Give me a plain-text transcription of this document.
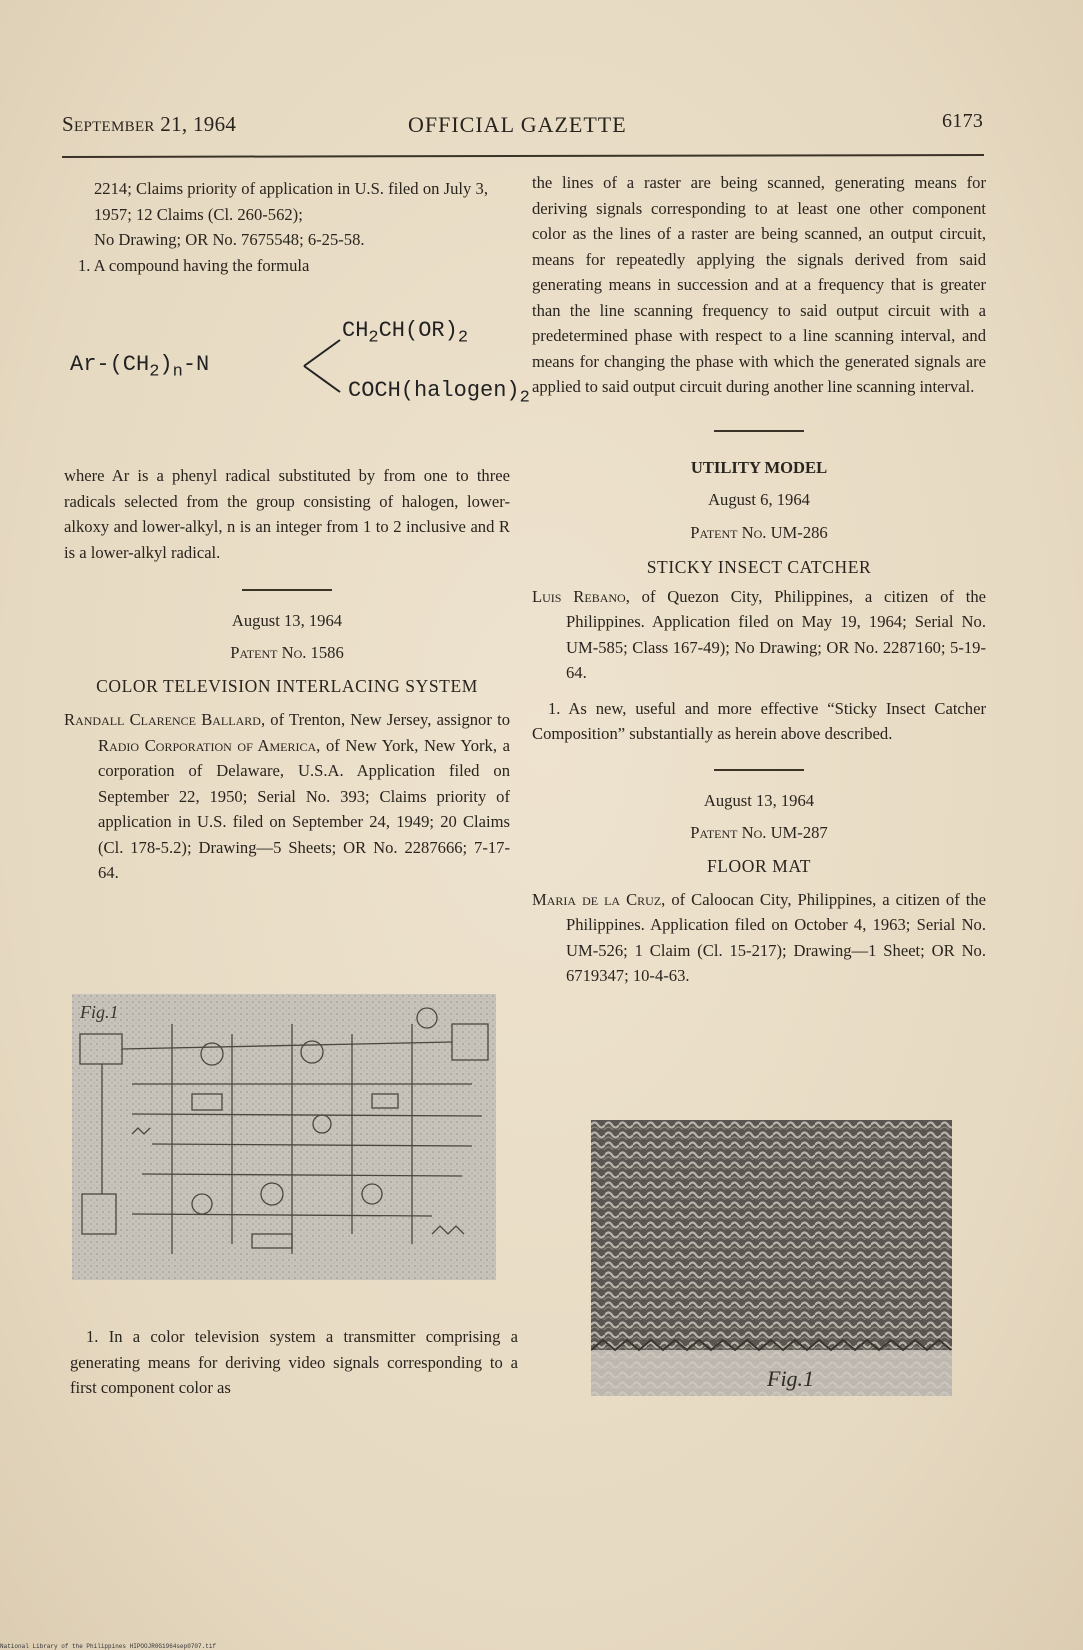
September 21, 1964	OFFICIAL GAZETTE	6173

2214; Claims priority of application in U.S. filed on July 3, 1957; 12 Claims (Cl. 260-562);

No Drawing; OR No. 7675548; 6-25-58.

1. A compound having the formula

$Ar-(CH_2)_n-N$
$CH_2CH(OR)_2$
$COCH(halogen)_2$

where Ar is a phenyl radical substituted by from one to three radicals selected from the group consisting of halogen, lower-alkoxy and lower-alkyl, n is an integer from 1 to 2 inclusive and R is a lower-alkyl radical.

August 13, 1964

Patent No. 1586

COLOR TELEVISION INTERLACING SYSTEM

Randall Clarence Ballard, of Trenton, New Jersey, assignor to Radio Corporation of America, of New York, New York, a corporation of Delaware, U.S.A. Application filed on September 22, 1950; Serial No. 393; Claims priority of application in U.S. filed on September 24, 1949; 20 Claims (Cl. 178-5.2); Drawing—5 Sheets; OR No. 2287666; 7-17-64.

Fig.1

1. In a color television system a transmitter comprising a generating means for deriving video signals corresponding to a first component color as

the lines of a raster are being scanned, generating means for deriving signals corresponding to at least one other component color as the lines of a raster are being scanned, an output circuit, means for repeatedly applying the signals derived from said generating means in succession and at a frequency that is greater than the line scanning frequency to said output circuit with a predetermined phase with respect to a line scanning interval, and means for changing the phase with which the generated signals are applied to said output circuit during another line scanning interval.

UTILITY MODEL

August 6, 1964

Patent No. UM-286

STICKY INSECT CATCHER

Luis Rebano, of Quezon City, Philippines, a citizen of the Philippines. Application filed on May 19, 1964; Serial No. UM-585; Class 167-49); No Drawing; OR No. 2287160; 5-19-64.

1. As new, useful and more effective “Sticky Insect Catcher Composition” substantially as herein above described.

August 13, 1964

Patent No. UM-287

FLOOR MAT

Maria de la Cruz, of Caloocan City, Philippines, a citizen of the Philippines. Application filed on October 4, 1963; Serial No. UM-526; 1 Claim (Cl. 15-217); Drawing—1 Sheet; OR No. 6719347; 10-4-63.

Fig.1
National Library of the Philippines HIPOOJR0G1964sep0707.tif
